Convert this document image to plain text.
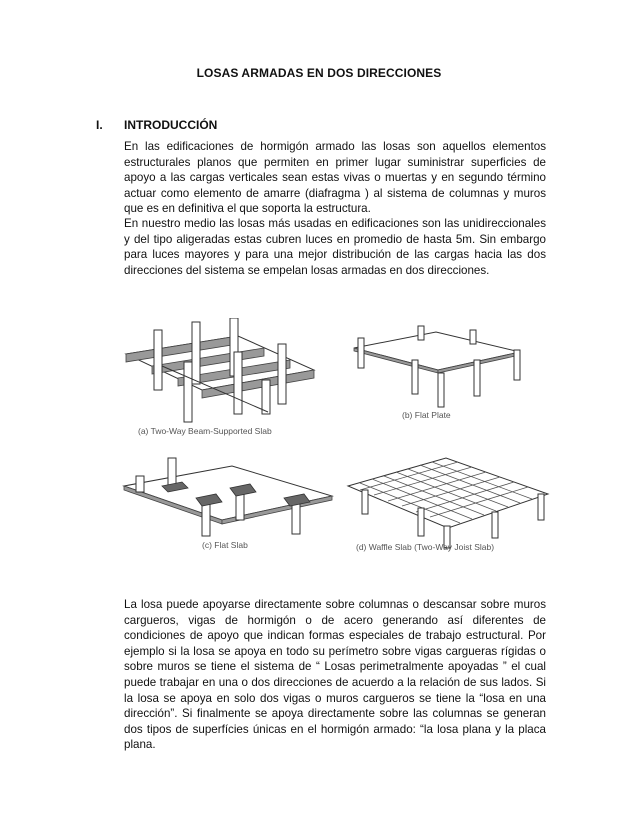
LOSAS ARMADAS EN DOS DIRECCIONES
I. INTRODUCCIÓN

En las edificaciones de hormigón armado las losas son aquellos elementos estructurales planos que permiten en primer lugar suministrar superficies de apoyo a las cargas verticales sean estas vivas o muertas y en segundo término actuar como elemento de amarre (diafragma ) al sistema de columnas y muros que es en definitiva el que soporta la estructura.

En nuestro medio las losas más usadas en edificaciones son las unidireccionales y del tipo aligeradas estas cubren luces en promedio de hasta 5m. Sin embargo para luces mayores y para una mejor distribución de las cargas hacia las dos direcciones del sistema se empelan losas armadas en dos direcciones.

(a) Two-Way Beam-Supported Slab
(b) Flat Plate
(c) Flat Slab	(d) Waffle Slab (Two-Way Joist Slab)

La losa puede apoyarse directamente sobre columnas o descansar sobre muros cargueros, vigas de hormigón o de acero generando así diferentes de condiciones de apoyo que indican formas especiales de trabajo estructural. Por ejemplo si la losa se apoya en todo su perímetro sobre vigas cargueras rígidas o sobre muros se tiene el sistema de “ Losas perimetralmente apoyadas ” el cual puede trabajar en una o dos direcciones de acuerdo a la relación de sus lados. Si la losa se apoya en solo dos vigas o muros cargueros se tiene la “losa en una dirección”. Si finalmente se apoya directamente sobre las columnas se generan dos tipos de superfícies únicas en el hormigón armado: “la losa plana y la placa plana.
